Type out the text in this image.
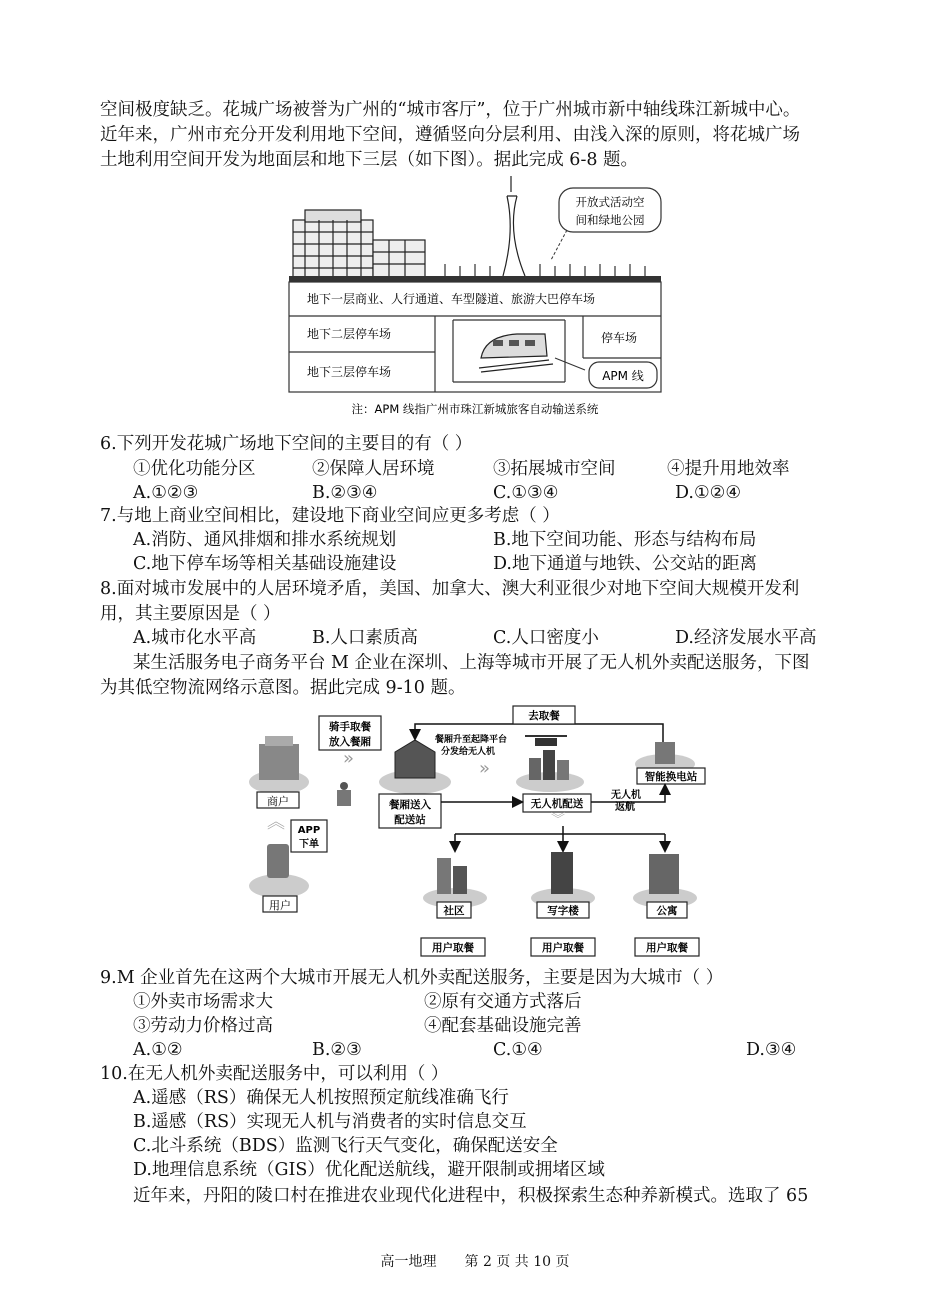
空间极度缺乏。花城广场被誉为广州的“城市客厅”，位于广州城市新中轴线珠江新城中心。
近年来，广州市充分开发利用地下空间，遵循竖向分层利用、由浅入深的原则，将花城广场
土地利用空间开发为地面层和地下三层（如下图）。据此完成 6-8 题。
开放式活动空
间和绿地公园
地下一层商业、人行通道、车型隧道、旅游大巴停车场
地下二层停车场
地下三层停车场
停车场
APM 线
注：APM 线指广州市珠江新城旅客自动输送系统
6.下列开发花城广场地下空间的主要目的有（ ）
①优化功能分区	②保障人居环境	③拓展城市空间	④提升用地效率
A.①②③	B.②③④	C.①③④	D.①②④
7.与地上商业空间相比，建设地下商业空间应更多考虑（ ）
A.消防、通风排烟和排水系统规划	B.地下空间功能、形态与结构布局
C.地下停车场等相关基础设施建设	D.地下通道与地铁、公交站的距离
8.面对城市发展中的人居环境矛盾，美国、加拿大、澳大利亚很少对地下空间大规模开发利
用，其主要原因是（ ）
A.城市化水平高	B.人口素质高	C.人口密度小	D.经济发展水平高
某生活服务电子商务平台 M 企业在深圳、上海等城市开展了无人机外卖配送服务，下图
为其低空物流网络示意图。据此完成 9-10 题。
商户
骑手取餐
放入餐厢
»
餐厢送入
配送站
餐厢升至起降平台
分发给无人机
»
去取餐
无人机配送
智能换电站
无人机
返航
︾
︽ APP
下单
用户	社区
用户取餐
写字楼
用户取餐
公寓
用户取餐
9.M 企业首先在这两个大城市开展无人机外卖配送服务，主要是因为大城市（ ）
①外卖市场需求大	②原有交通方式落后
③劳动力价格过高	④配套基础设施完善
A.①②	B.②③	C.①④	D.③④
10.在无人机外卖配送服务中，可以利用（ ）
A.遥感（RS）确保无人机按照预定航线准确飞行
B.遥感（RS）实现无人机与消费者的实时信息交互
C.北斗系统（BDS）监测飞行天气变化，确保配送安全
D.地理信息系统（GIS）优化配送航线，避开限制或拥堵区域
近年来，丹阳的陵口村在推进农业现代化进程中，积极探索生态种养新模式。选取了 65
高一地理　　第 2 页 共 10 页
